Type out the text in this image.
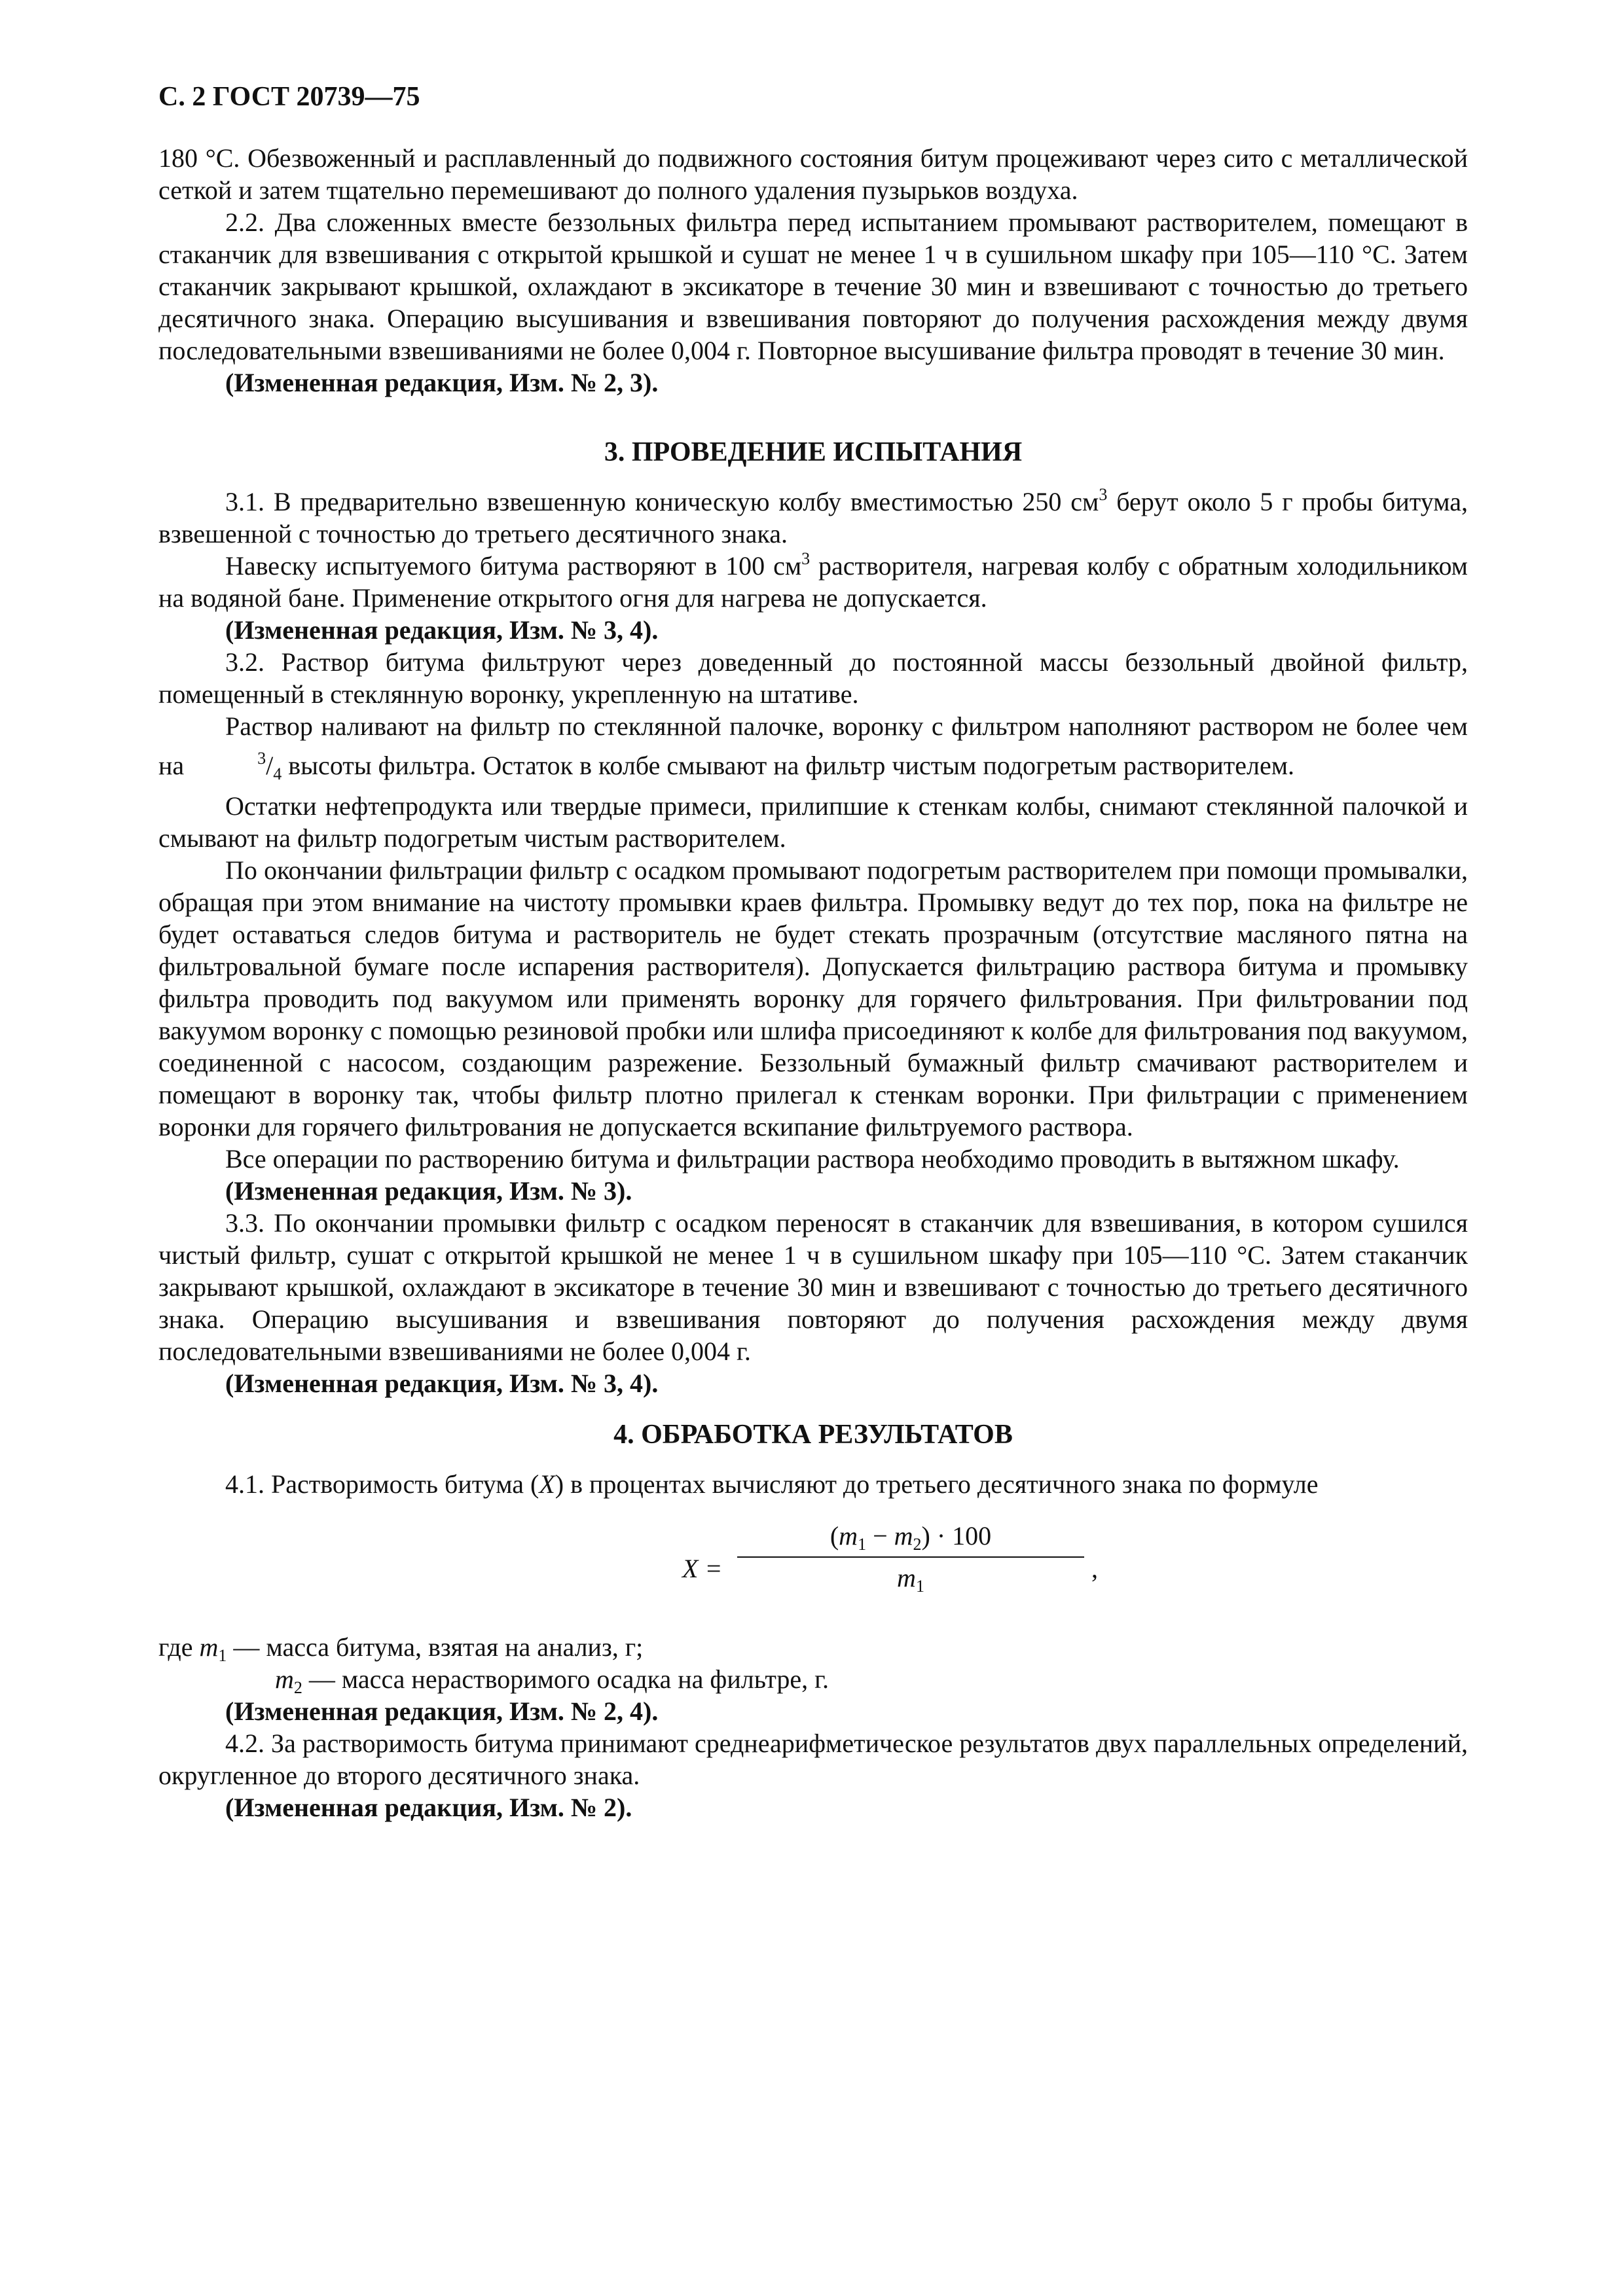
С. 2 ГОСТ 20739—75

180 °С. Обезвоженный и расплавленный до подвижного состояния битум процеживают через сито с металлической сеткой и затем тщательно перемешивают до полного удаления пузырьков воздуха.

2.2. Два сложенных вместе беззольных фильтра перед испытанием промывают растворителем, помещают в стаканчик для взвешивания с открытой крышкой и сушат не менее 1 ч в сушильном шкафу при 105—110 °С. Затем стаканчик закрывают крышкой, охлаждают в эксикаторе в течение 30 мин и взвешивают с точностью до третьего десятичного знака. Операцию высушивания и взвешивания повторяют до получения расхождения между двумя последовательными взвешиваниями не более 0,004 г. Повторное высушивание фильтра проводят в течение 30 мин.

(Измененная редакция, Изм. № 2, 3).
3. ПРОВЕДЕНИЕ ИСПЫТАНИЯ

3.1. В предварительно взвешенную коническую колбу вместимостью 250 $см^3$ берут около 5 г пробы битума, взвешенной с точностью до третьего десятичного знака.

Навеску испытуемого битума растворяют в 100 $см^3$ растворителя, нагревая колбу с обратным холодильником на водяной бане. Применение открытого огня для нагрева не допускается.

(Измененная редакция, Изм. № 3, 4).

3.2. Раствор битума фильтруют через доведенный до постоянной массы беззольный двойной фильтр, помещенный в стеклянную воронку, укрепленную на штативе.

Раствор наливают на фильтр по стеклянной палочке, воронку с фильтром наполняют раствором не более чем на	$^3/_4$ высоты фильтра. Остаток в колбе смывают на фильтр чистым подогретым растворителем.

Остатки нефтепродукта или твердые примеси, прилипшие к стенкам колбы, снимают стеклянной палочкой и смывают на фильтр подогретым чистым растворителем.

По окончании фильтрации фильтр с осадком промывают подогретым растворителем при помощи промывалки, обращая при этом внимание на чистоту промывки краев фильтра. Промывку ведут до тех пор, пока на фильтре не будет оставаться следов битума и растворитель не будет стекать прозрачным (отсутствие масляного пятна на фильтровальной бумаге после испарения растворителя). Допускается фильтрацию раствора битума и промывку фильтра проводить под вакуумом или применять воронку для горячего фильтрования. При фильтровании под вакуумом воронку с помощью резиновой пробки или шлифа присоединяют к колбе для фильтрования под вакуумом, соединенной с насосом, создающим разрежение. Беззольный бумажный фильтр смачивают растворителем и помещают в воронку так, чтобы фильтр плотно прилегал к стенкам воронки. При фильтрации с применением воронки для горячего фильтрования не допускается вскипание фильтруемого раствора.

Все операции по растворению битума и фильтрации раствора необходимо проводить в вытяжном шкафу.

(Измененная редакция, Изм. № 3).

3.3. По окончании промывки фильтр с осадком переносят в стаканчик для взвешивания, в котором сушился чистый фильтр, сушат с открытой крышкой не менее 1 ч в сушильном шкафу при 105—110 °С. Затем стаканчик закрывают крышкой, охлаждают в эксикаторе в течение 30 мин и взвешивают с точностью до третьего десятичного знака. Операцию высушивания и взвешивания повторяют до получения расхождения между двумя последовательными взвешиваниями не более 0,004 г.

(Измененная редакция, Изм. № 3, 4).
4. ОБРАБОТКА РЕЗУЛЬТАТОВ

4.1. Растворимость битума (X) в процентах вычисляют до третьего десятичного знака по формуле

X =
$(m_1 - m_2) \cdot 100$
$m_1$
,
где $m_1$ — масса битума, взятая на анализ, г;
$m_2$ — масса нерастворимого осадка на фильтре, г.
(Измененная редакция, Изм. № 2, 4).

4.2. За растворимость битума принимают среднеарифметическое результатов двух параллельных определений, округленное до второго десятичного знака.

(Измененная редакция, Изм. № 2).
